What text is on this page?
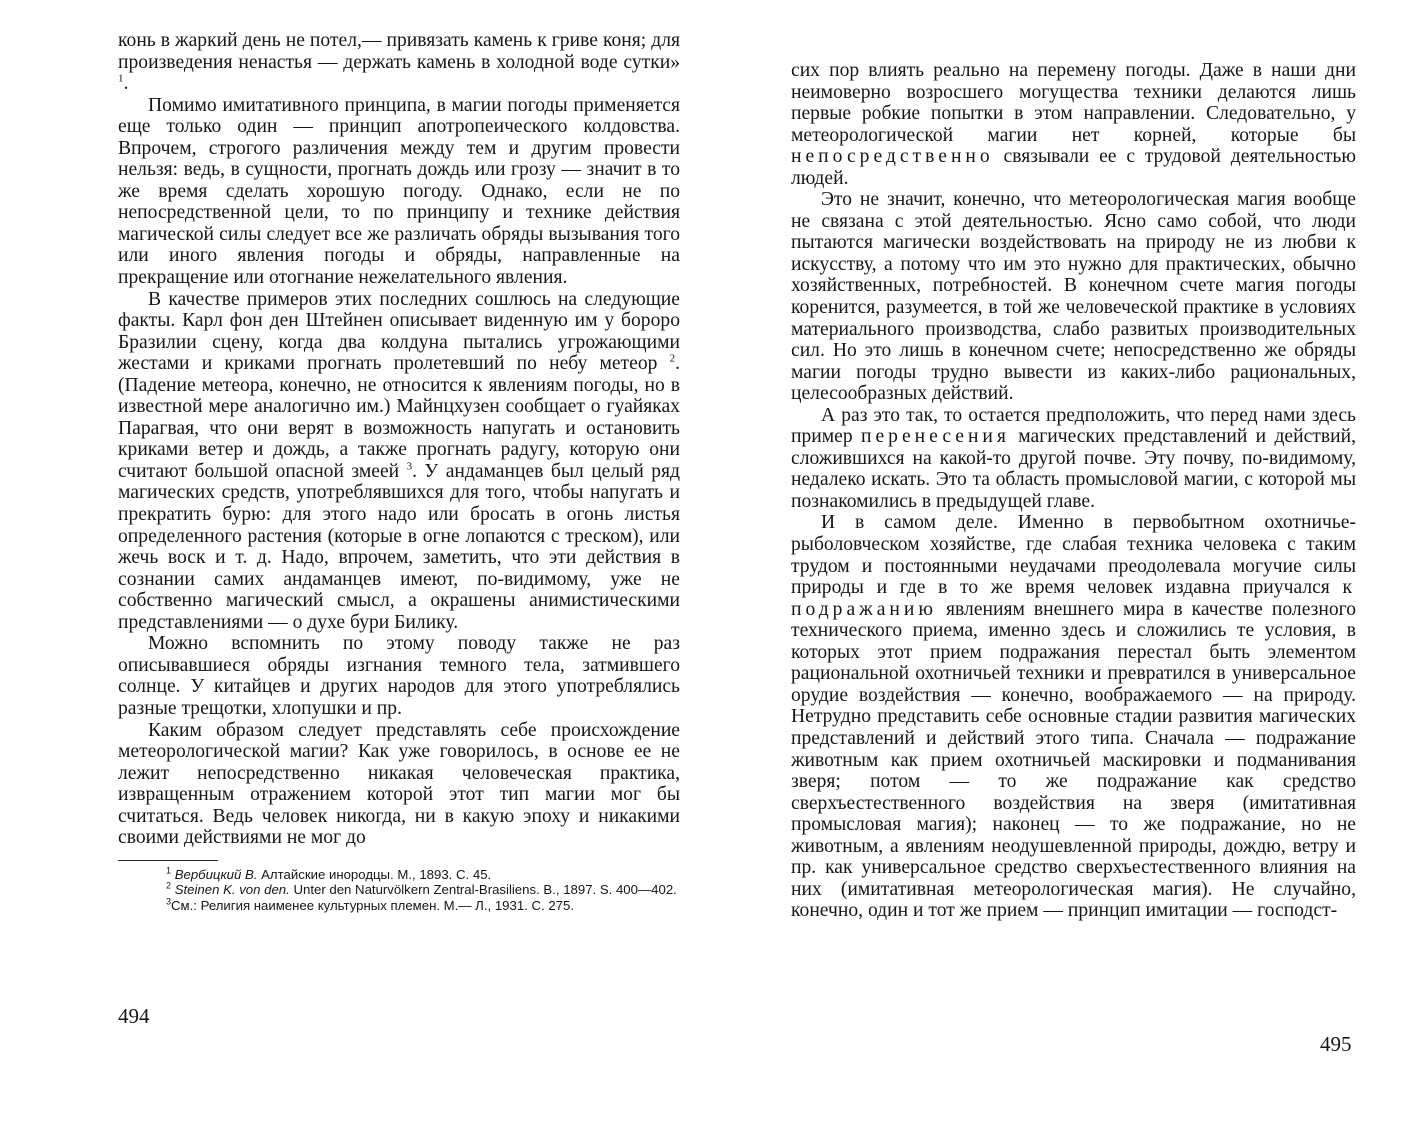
конь в жаркий день не потел,— привязать камень к гриве коня; для произведения ненастья — держать камень в холодной воде сутки» $^1$.

Помимо имитативного принципа, в магии погоды применяется еще только один — принцип апотропеического колдовства. Впрочем, строгого различения между тем и другим провести нельзя: ведь, в сущности, прогнать дождь или грозу — значит в то же время сделать хорошую погоду. Однако, если не по непосредственной цели, то по принципу и технике действия магической силы следует все же различать обряды вызывания того или иного явления погоды и обряды, направленные на прекращение или отогнание нежелательного явления.

В качестве примеров этих последних сошлюсь на следующие факты. Карл фон ден Штейнен описывает виденную им у бороро Бразилии сцену, когда два колдуна пытались угрожающими жестами и криками прогнать пролетевший по небу метеор $^2$. (Падение метеора, конечно, не относится к явлениям погоды, но в известной мере аналогично им.) Майнцхузен сообщает о гуайяках Парагвая, что они верят в возможность напугать и остановить криками ветер и дождь, а также прогнать радугу, которую они считают большой опасной змеей $^3$. У андаманцев был целый ряд магических средств, употреблявшихся для того, чтобы напугать и прекратить бурю: для этого надо или бросать в огонь листья определенного растения (которые в огне лопаются с треском), или жечь воск и т. д. Надо, впрочем, заметить, что эти действия в сознании самих андаманцев имеют, по-видимому, уже не собственно магический смысл, а окрашены анимистическими представлениями — о духе бури Билику.

Можно вспомнить по этому поводу также не раз описывавшиеся обряды изгнания темного тела, затмившего солнце. У китайцев и других народов для этого употреблялись разные трещотки, хлопушки и пр.

Каким образом следует представлять себе происхождение метеорологической магии? Как уже говорилось, в основе ее не лежит непосредственно никакая человеческая практика, извращенным отражением которой этот тип магии мог бы считаться. Ведь человек никогда, ни в какую эпоху и никакими своими действиями не мог до

$^1$ Вербицкий В. Алтайские инородцы. М., 1893. С. 45.

$^2$ Steinen K. von den. Unter den Naturvölkern Zentral-Brasiliens. B., 1897. S. 400—402.

$^3$См.: Религия наименее культурных племен. М.— Л., 1931. С. 275.

494

сих пор влиять реально на перемену погоды. Даже в наши дни неимоверно возросшего могущества техники делаются лишь первые робкие попытки в этом направлении. Следовательно, у метеорологической магии нет корней, которые бы непосредственно связывали ее с трудовой деятельностью людей.

Это не значит, конечно, что метеорологическая магия вообще не связана с этой деятельностью. Ясно само собой, что люди пытаются магически воздействовать на природу не из любви к искусству, а потому что им это нужно для практических, обычно хозяйственных, потребностей. В конечном счете магия погоды коренится, разумеется, в той же человеческой практике в условиях материального производства, слабо развитых производительных сил. Но это лишь в конечном счете; непосредственно же обряды магии погоды трудно вывести из каких-либо рациональных, целесообразных действий.

А раз это так, то остается предположить, что перед нами здесь пример перенесения магических представлений и действий, сложившихся на какой-то другой почве. Эту почву, по-видимому, недалеко искать. Это та область промысловой магии, с которой мы познакомились в предыдущей главе.

И в самом деле. Именно в первобытном охотничье-рыболовческом хозяйстве, где слабая техника человека с таким трудом и постоянными неудачами преодолевала могучие силы природы и где в то же время человек издавна приучался к подражанию явлениям внешнего мира в качестве полезного технического приема, именно здесь и сложились те условия, в которых этот прием подражания перестал быть элементом рациональной охотничьей техники и превратился в универсальное орудие воздействия — конечно, воображаемого — на природу. Нетрудно представить себе основные стадии развития магических представлений и действий этого типа. Сначала — подражание животным как прием охотничьей маскировки и подманивания зверя; потом — то же подражание как средство сверхъестественного воздействия на зверя (имитативная промысловая магия); наконец — то же подражание, но не животным, а явлениям неодушевленной природы, дождю, ветру и пр. как универсальное средство сверхъестественного влияния на них (имитативная метеорологическая магия). Не случайно, конечно, один и тот же прием — принцип имитации — господст-

495
